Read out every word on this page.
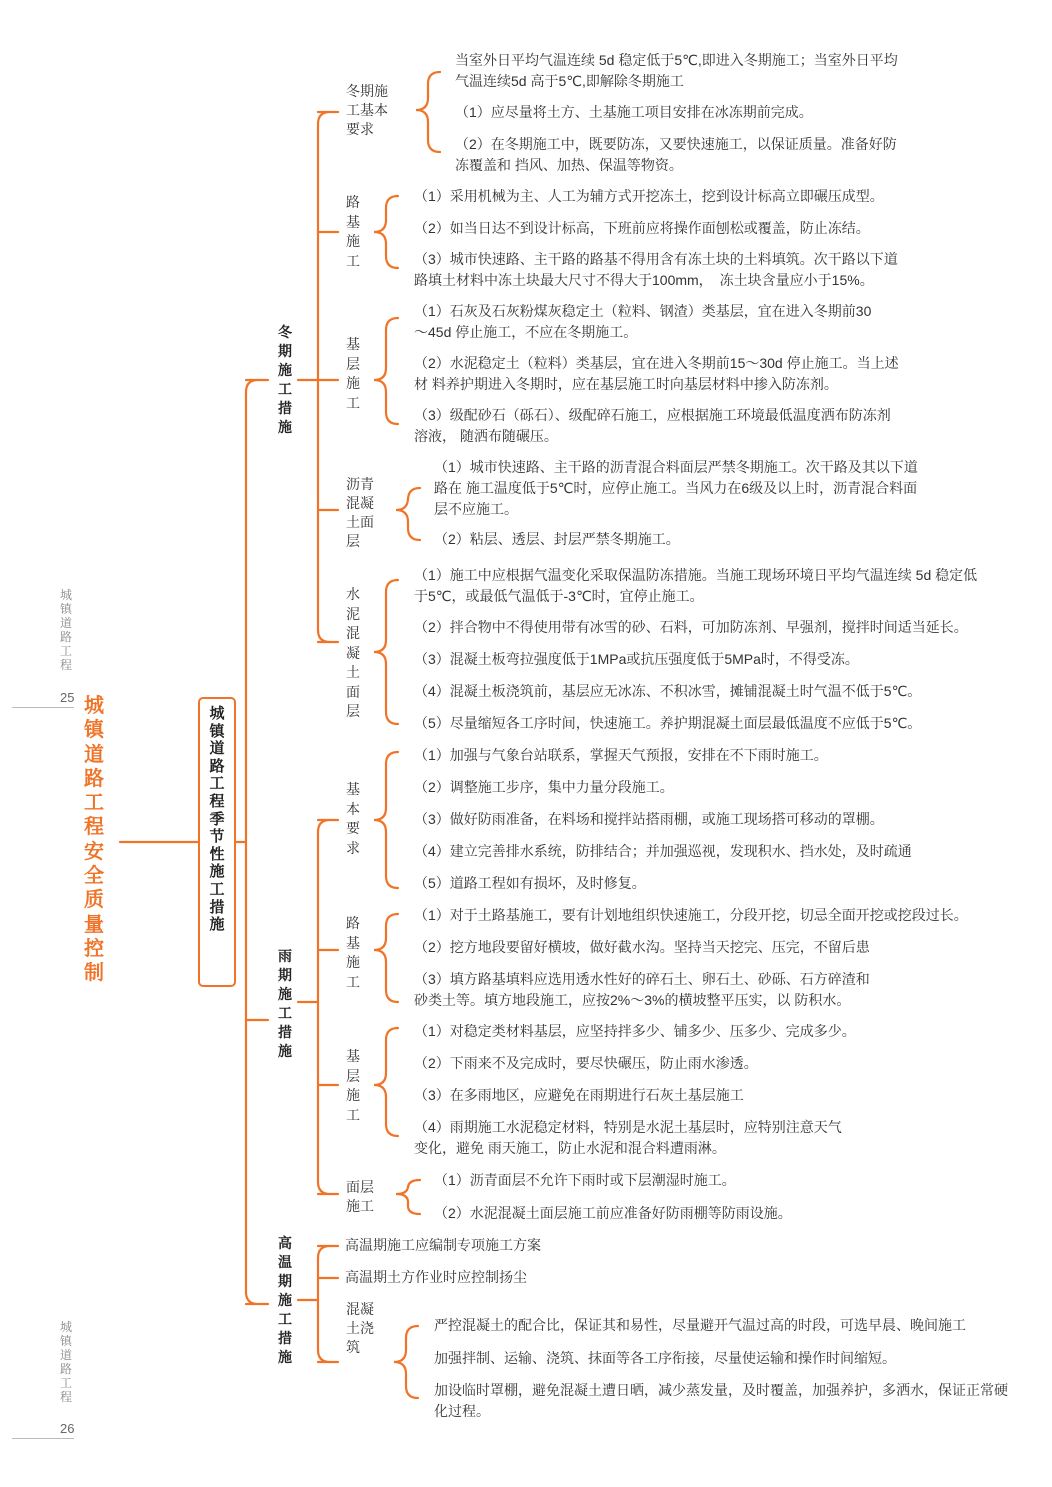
城镇道路工程
25
城镇道路工程
26
城镇道路工程安全质量控制
城镇道路工程季节性施工措施
冬期施工措施
雨期施工措施
高温期施工措施
冬期施工基本要求
路基施工
基层施工
沥青混凝土面层
水泥混凝土面层
当室外日平均气温连续 5d 稳定低于5℃,即进入冬期施工；当室外日平均
气温连续5d 高于5℃,即解除冬期施工
（1）应尽量将土方、土基施工项目安排在冰冻期前完成。
（2）在冬期施工中，既要防冻，又要快速施工，以保证质量。准备好防
冻覆盖和 挡风、加热、保温等物资。
（1）采用机械为主、人工为辅方式开挖冻土，挖到设计标高立即碾压成型。
（2）如当日达不到设计标高，下班前应将操作面刨松或覆盖，防止冻结。
（3）城市快速路、主干路的路基不得用含有冻土块的土料填筑。次干路以下道
路填土材料中冻土块最大尺寸不得大于100mm，　冻土块含量应小于15%。
（1）石灰及石灰粉煤灰稳定土（粒料、钢渣）类基层，宜在进入冬期前30
～45d 停止施工，不应在冬期施工。
（2）水泥稳定土（粒料）类基层，宜在进入冬期前15～30d 停止施工。当上述
材 料养护期进入冬期时，应在基层施工时向基层材料中掺入防冻剂。
（3）级配砂石（砾石）、级配碎石施工，应根据施工环境最低温度洒布防冻剂
溶液， 随洒布随碾压。
（1）城市快速路、主干路的沥青混合料面层严禁冬期施工。次干路及其以下道
路在 施工温度低于5℃时，应停止施工。当风力在6级及以上时，沥青混合料面
层不应施工。
（2）粘层、透层、封层严禁冬期施工。
（1）施工中应根据气温变化采取保温防冻措施。当施工现场环境日平均气温连续 5d 稳定低
于5℃，或最低气温低于-3℃时，宜停止施工。
（2）拌合物中不得使用带有冰雪的砂、石料，可加防冻剂、早强剂，搅拌时间适当延长。
（3）混凝土板弯拉强度低于1MPa或抗压强度低于5MPa时，不得受冻。
（4）混凝土板浇筑前，基层应无冰冻、不积冰雪，摊铺混凝土时气温不低于5℃。
（5）尽量缩短各工序时间，快速施工。养护期混凝土面层最低温度不应低于5℃。
基本要求
路基施工
基层施工
面层施工
（1）加强与气象台站联系，掌握天气预报，安排在不下雨时施工。
（2）调整施工步序，集中力量分段施工。
（3）做好防雨准备，在料场和搅拌站搭雨棚，或施工现场搭可移动的罩棚。
（4）建立完善排水系统，防排结合；并加强巡视，发现积水、挡水处，及时疏通
（5）道路工程如有损坏，及时修复。
（1）对于土路基施工，要有计划地组织快速施工，分段开挖，切忌全面开挖或挖段过长。
（2）挖方地段要留好横坡，做好截水沟。坚持当天挖完、压完，不留后患
（3）填方路基填料应选用透水性好的碎石土、卵石土、砂砾、石方碎渣和
砂类土等。填方地段施工，应按2%～3%的横坡整平压实，以 防积水。
（1）对稳定类材料基层，应坚持拌多少、铺多少、压多少、完成多少。
（2）下雨来不及完成时，要尽快碾压，防止雨水渗透。
（3）在多雨地区，应避免在雨期进行石灰土基层施工
（4）雨期施工水泥稳定材料，特别是水泥土基层时，应特别注意天气
变化，避免 雨天施工，防止水泥和混合料遭雨淋。
（1）沥青面层不允许下雨时或下层潮湿时施工。
（2）水泥混凝土面层施工前应准备好防雨棚等防雨设施。
高温期施工应编制专项施工方案
高温期土方作业时应控制扬尘
混凝土浇筑
严控混凝土的配合比，保证其和易性，尽量避开气温过高的时段，可选早晨、晚间施工
加强拌制、运输、浇筑、抹面等各工序衔接，尽量使运输和操作时间缩短。
加设临时罩棚，避免混凝土遭日晒，减少蒸发量，及时覆盖，加强养护，多洒水，保证正常硬
化过程。
